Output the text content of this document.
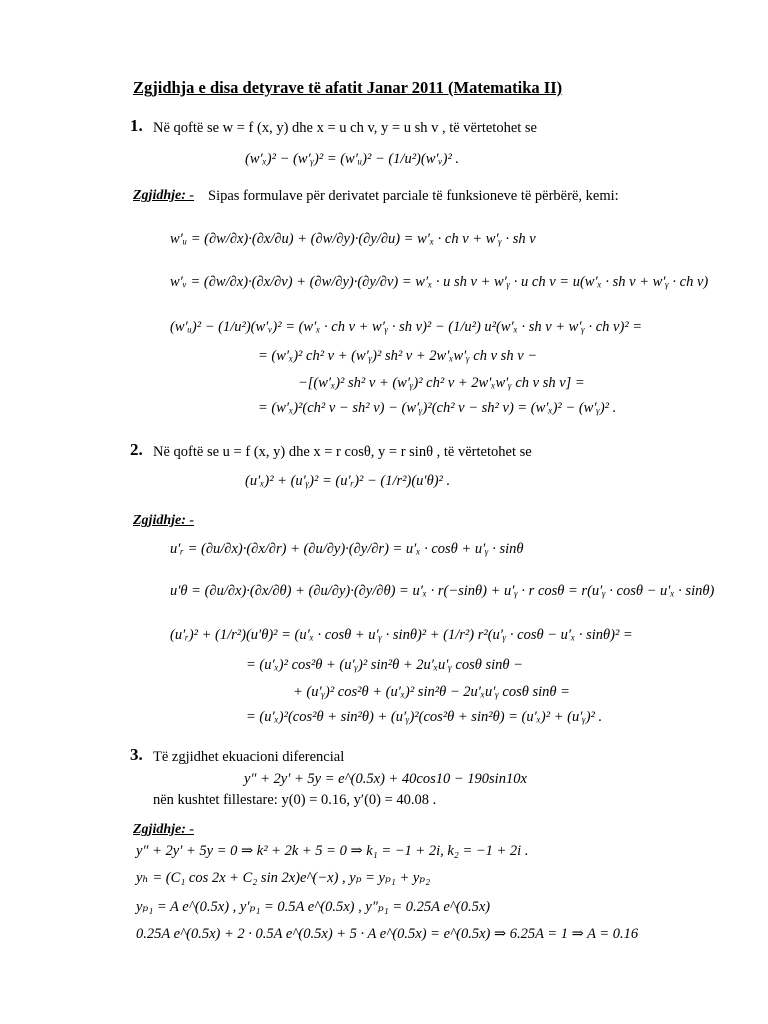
Zgjidhja e disa detyrave të afatit Janar 2011 (Matematika II)
1. Në qoftë se w = f (x, y) dhe x = u ch v, y = u sh v , të vërtetohet se
(w′ₓ)² − (w′ᵧ)² = (w′ᵤ)² − (1/u²)(w′ᵥ)² .
Zgjidhje: - Sipas formulave për derivatet parciale të funksioneve të përbërë, kemi:
w′ᵤ = (∂w/∂x)·(∂x/∂u) + (∂w/∂y)·(∂y/∂u) = w′ₓ · ch v + w′ᵧ · sh v
w′ᵥ = (∂w/∂x)·(∂x/∂v) + (∂w/∂y)·(∂y/∂v) = w′ₓ · u sh v + w′ᵧ · u ch v = u(w′ₓ · sh v + w′ᵧ · ch v)
(w′ᵤ)² − (1/u²)(w′ᵥ)² = (w′ₓ · ch v + w′ᵧ · sh v)² − (1/u²) u²(w′ₓ · sh v + w′ᵧ · ch v)² =
= (w′ₓ)² ch² v + (w′ᵧ)² sh² v + 2w′ₓw′ᵧ ch v sh v −
−[(w′ₓ)² sh² v + (w′ᵧ)² ch² v + 2w′ₓw′ᵧ ch v sh v] =
= (w′ₓ)²(ch² v − sh² v) − (w′ᵧ)²(ch² v − sh² v) = (w′ₓ)² − (w′ᵧ)² .
2. Në qoftë se u = f (x, y) dhe x = r cosθ, y = r sinθ , të vërtetohet se
(u′ₓ)² + (u′ᵧ)² = (u′ᵣ)² − (1/r²)(u′θ)² .
Zgjidhje: -
u′ᵣ = (∂u/∂x)·(∂x/∂r) + (∂u/∂y)·(∂y/∂r) = u′ₓ · cosθ + u′ᵧ · sinθ
u′θ = (∂u/∂x)·(∂x/∂θ) + (∂u/∂y)·(∂y/∂θ) = u′ₓ · r(−sinθ) + u′ᵧ · r cosθ = r(u′ᵧ · cosθ − u′ₓ · sinθ)
(u′ᵣ)² + (1/r²)(u′θ)² = (u′ₓ · cosθ + u′ᵧ · sinθ)² + (1/r²) r²(u′ᵧ · cosθ − u′ₓ · sinθ)² =
= (u′ₓ)² cos²θ + (u′ᵧ)² sin²θ + 2u′ₓu′ᵧ cosθ sinθ −
+ (u′ᵧ)² cos²θ + (u′ₓ)² sin²θ − 2u′ₓu′ᵧ cosθ sinθ =
= (u′ₓ)²(cos²θ + sin²θ) + (u′ᵧ)²(cos²θ + sin²θ) = (u′ₓ)² + (u′ᵧ)² .
3. Të zgjidhet ekuacioni diferencial
y″ + 2y′ + 5y = e^(0.5x) + 40cos10 − 190sin10x
nën kushtet fillestare: y(0) = 0.16, y′(0) = 40.08 .
Zgjidhje: -
y″ + 2y′ + 5y = 0 ⇒ k² + 2k + 5 = 0 ⇒ k₁ = −1 + 2i, k₂ = −1 + 2i .
yₕ = (C₁ cos 2x + C₂ sin 2x)e^(−x) , yₚ = yₚ₁ + yₚ₂
yₚ₁ = A e^(0.5x) , y′ₚ₁ = 0.5A e^(0.5x) , y″ₚ₁ = 0.25A e^(0.5x)
0.25A e^(0.5x) + 2 · 0.5A e^(0.5x) + 5 · A e^(0.5x) = e^(0.5x) ⇒ 6.25A = 1 ⇒ A = 0.16
